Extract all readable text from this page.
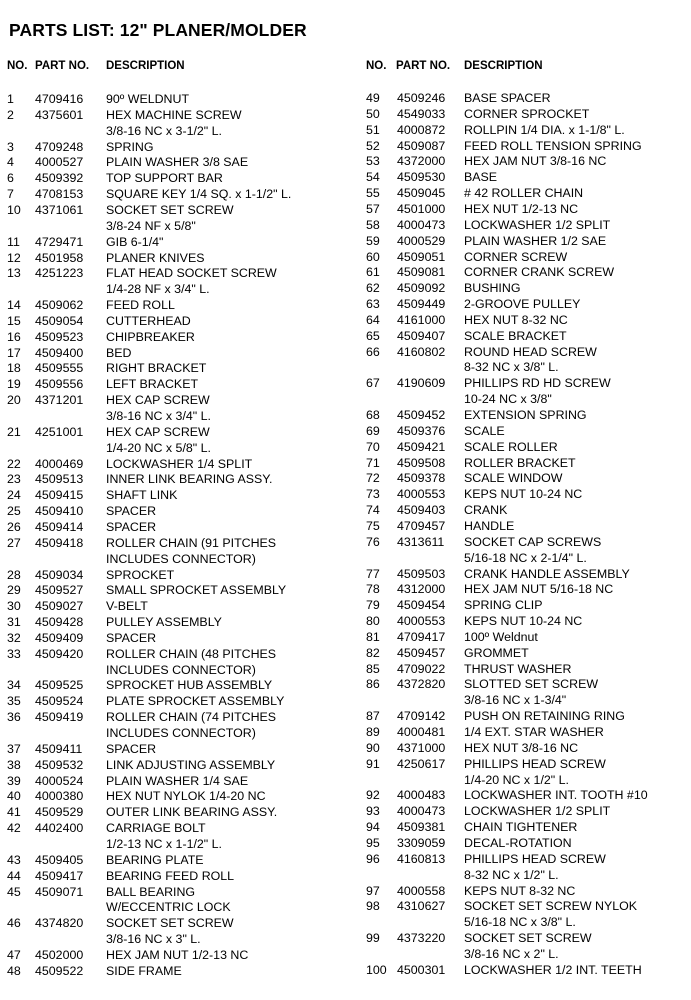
PARTS LIST: 12" PLANER/MOLDER
NO. PART NO. DESCRIPTION
1 4709416 90º WELDNUT
2 4375601 HEX MACHINE SCREW
3/8-16 NC x 3-1/2" L.
3 4709248 SPRING
4 4000527 PLAIN WASHER 3/8 SAE
6 4509392 TOP SUPPORT BAR
7 4708153 SQUARE KEY 1/4 SQ. x 1-1/2" L.
10 4371061 SOCKET SET SCREW
3/8-24 NF x 5/8"
11 4729471 GIB 6-1/4"
12 4501958 PLANER KNIVES
13 4251223 FLAT HEAD SOCKET SCREW
1/4-28 NF x 3/4" L.
14 4509062 FEED ROLL
15 4509054 CUTTERHEAD
16 4509523 CHIPBREAKER
17 4509400 BED
18 4509555 RIGHT BRACKET
19 4509556 LEFT BRACKET
20 4371201 HEX CAP SCREW
3/8-16 NC x 3/4" L.
21 4251001 HEX CAP SCREW
1/4-20 NC x 5/8" L.
22 4000469 LOCKWASHER 1/4 SPLIT
23 4509513 INNER LINK BEARING ASSY.
24 4509415 SHAFT LINK
25 4509410 SPACER
26 4509414 SPACER
27 4509418 ROLLER CHAIN (91 PITCHES
INCLUDES CONNECTOR)
28 4509034 SPROCKET
29 4509527 SMALL SPROCKET ASSEMBLY
30 4509027 V-BELT
31 4509428 PULLEY ASSEMBLY
32 4509409 SPACER
33 4509420 ROLLER CHAIN (48 PITCHES
INCLUDES CONNECTOR)
34 4509525 SPROCKET HUB ASSEMBLY
35 4509524 PLATE SPROCKET ASSEMBLY
36 4509419 ROLLER CHAIN (74 PITCHES
INCLUDES CONNECTOR)
37 4509411 SPACER
38 4509532 LINK ADJUSTING ASSEMBLY
39 4000524 PLAIN WASHER 1/4 SAE
40 4000380 HEX NUT NYLOK 1/4-20 NC
41 4509529 OUTER LINK BEARING ASSY.
42 4402400 CARRIAGE BOLT
1/2-13 NC x 1-1/2" L.
43 4509405 BEARING PLATE
44 4509417 BEARING FEED ROLL
45 4509071 BALL BEARING
W/ECCENTRIC LOCK
46 4374820 SOCKET SET SCREW
3/8-16 NC x 3" L.
47 4502000 HEX JAM NUT 1/2-13 NC
48 4509522 SIDE FRAME
NO. PART NO. DESCRIPTION
49 4509246 BASE SPACER
50 4549033 CORNER SPROCKET
51 4000872 ROLLPIN 1/4 DIA. x 1-1/8" L.
52 4509087 FEED ROLL TENSION SPRING
53 4372000 HEX JAM NUT 3/8-16 NC
54 4509530 BASE
55 4509045 # 42 ROLLER CHAIN
57 4501000 HEX NUT 1/2-13 NC
58 4000473 LOCKWASHER 1/2 SPLIT
59 4000529 PLAIN WASHER 1/2 SAE
60 4509051 CORNER SCREW
61 4509081 CORNER CRANK SCREW
62 4509092 BUSHING
63 4509449 2-GROOVE PULLEY
64 4161000 HEX NUT 8-32 NC
65 4509407 SCALE BRACKET
66 4160802 ROUND HEAD SCREW
8-32 NC x 3/8" L.
67 4190609 PHILLIPS RD HD SCREW
10-24 NC x 3/8"
68 4509452 EXTENSION SPRING
69 4509376 SCALE
70 4509421 SCALE ROLLER
71 4509508 ROLLER BRACKET
72 4509378 SCALE WINDOW
73 4000553 KEPS NUT 10-24 NC
74 4509403 CRANK
75 4709457 HANDLE
76 4313611 SOCKET CAP SCREWS
5/16-18 NC x 2-1/4" L.
77 4509503 CRANK HANDLE ASSEMBLY
78 4312000 HEX JAM NUT 5/16-18 NC
79 4509454 SPRING CLIP
80 4000553 KEPS NUT 10-24 NC
81 4709417 100º Weldnut
82 4509457 GROMMET
85 4709022 THRUST WASHER
86 4372820 SLOTTED SET SCREW
3/8-16 NC x 1-3/4"
87 4709142 PUSH ON RETAINING RING
89 4000481 1/4 EXT. STAR WASHER
90 4371000 HEX NUT 3/8-16 NC
91 4250617 PHILLIPS HEAD SCREW
1/4-20 NC x 1/2" L.
92 4000483 LOCKWASHER INT. TOOTH #10
93 4000473 LOCKWASHER 1/2 SPLIT
94 4509381 CHAIN TIGHTENER
95 3309059 DECAL-ROTATION
96 4160813 PHILLIPS HEAD SCREW
8-32 NC x 1/2" L.
97 4000558 KEPS NUT 8-32 NC
98 4310627 SOCKET SET SCREW NYLOK
5/16-18 NC x 3/8" L.
99 4373220 SOCKET SET SCREW
3/8-16 NC x 2" L.
100 4500301 LOCKWASHER 1/2 INT. TEETH
